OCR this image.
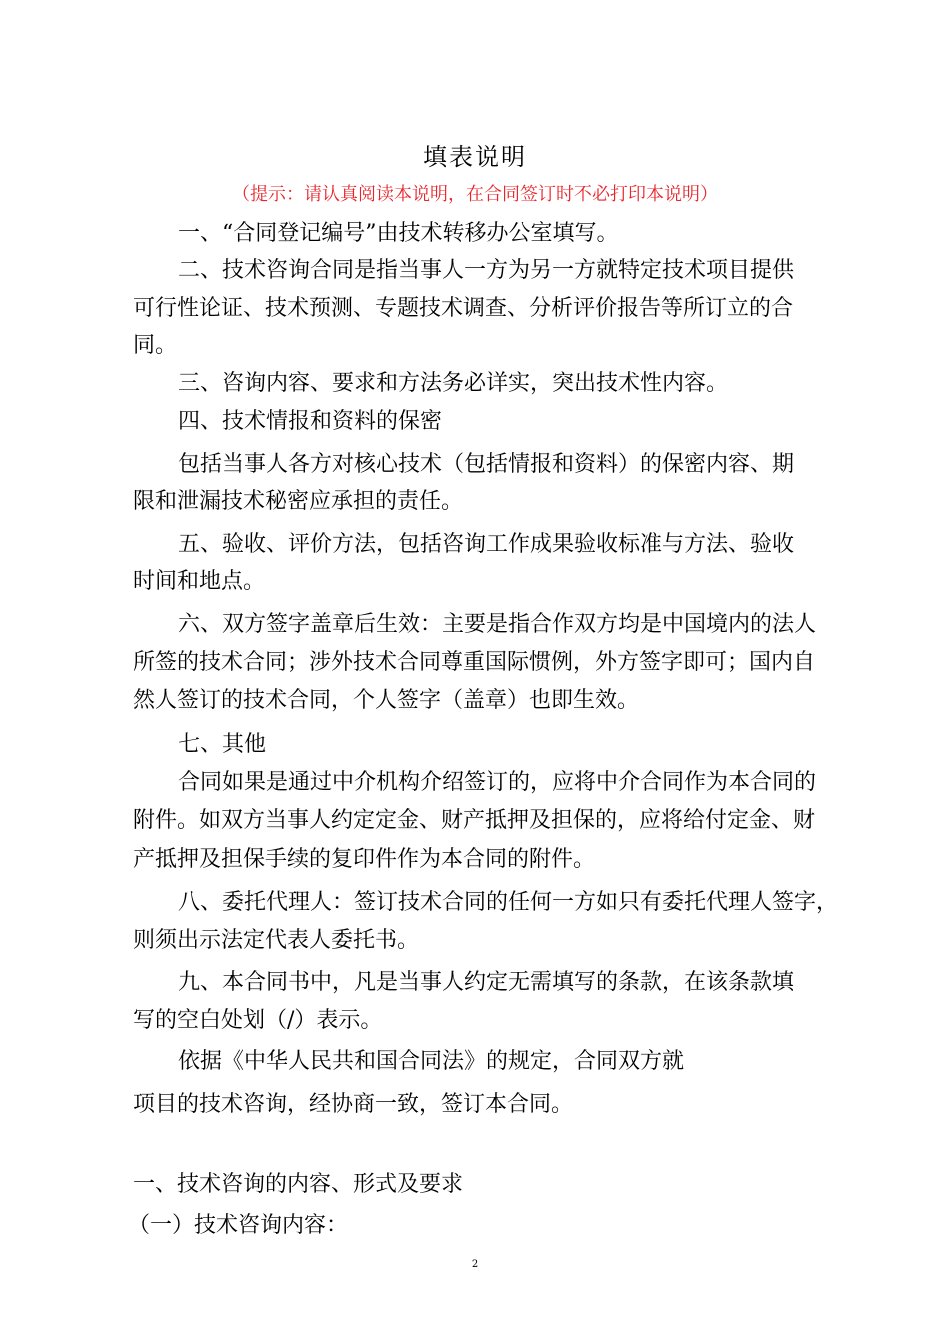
填表说明
（提示：请认真阅读本说明，在合同签订时不必打印本说明）
一、“合同登记编号”由技术转移办公室填写。
二、技术咨询合同是指当事人一方为另一方就特定技术项目提供
可行性论证、技术预测、专题技术调查、分析评价报告等所订立的合
同。
三、咨询内容、要求和方法务必详实，突出技术性内容。
四、技术情报和资料的保密
包括当事人各方对核心技术（包括情报和资料）的保密内容、期
限和泄漏技术秘密应承担的责任。
五、验收、评价方法，包括咨询工作成果验收标准与方法、验收
时间和地点。
六、双方签字盖章后生效：主要是指合作双方均是中国境内的法人
所签的技术合同；涉外技术合同尊重国际惯例，外方签字即可；国内自
然人签订的技术合同，个人签字（盖章）也即生效。
七、其他
合同如果是通过中介机构介绍签订的，应将中介合同作为本合同的
附件。如双方当事人约定定金、财产抵押及担保的，应将给付定金、财
产抵押及担保手续的复印件作为本合同的附件。
八、委托代理人：签订技术合同的任何一方如只有委托代理人签字，
则须出示法定代表人委托书。
九、本合同书中，凡是当事人约定无需填写的条款，在该条款填
写的空白处划（/）表示。
依据《中华人民共和国合同法》的规定，合同双方就
项目的技术咨询，经协商一致，签订本合同。
一、技术咨询的内容、形式及要求
（一）技术咨询内容：
2
